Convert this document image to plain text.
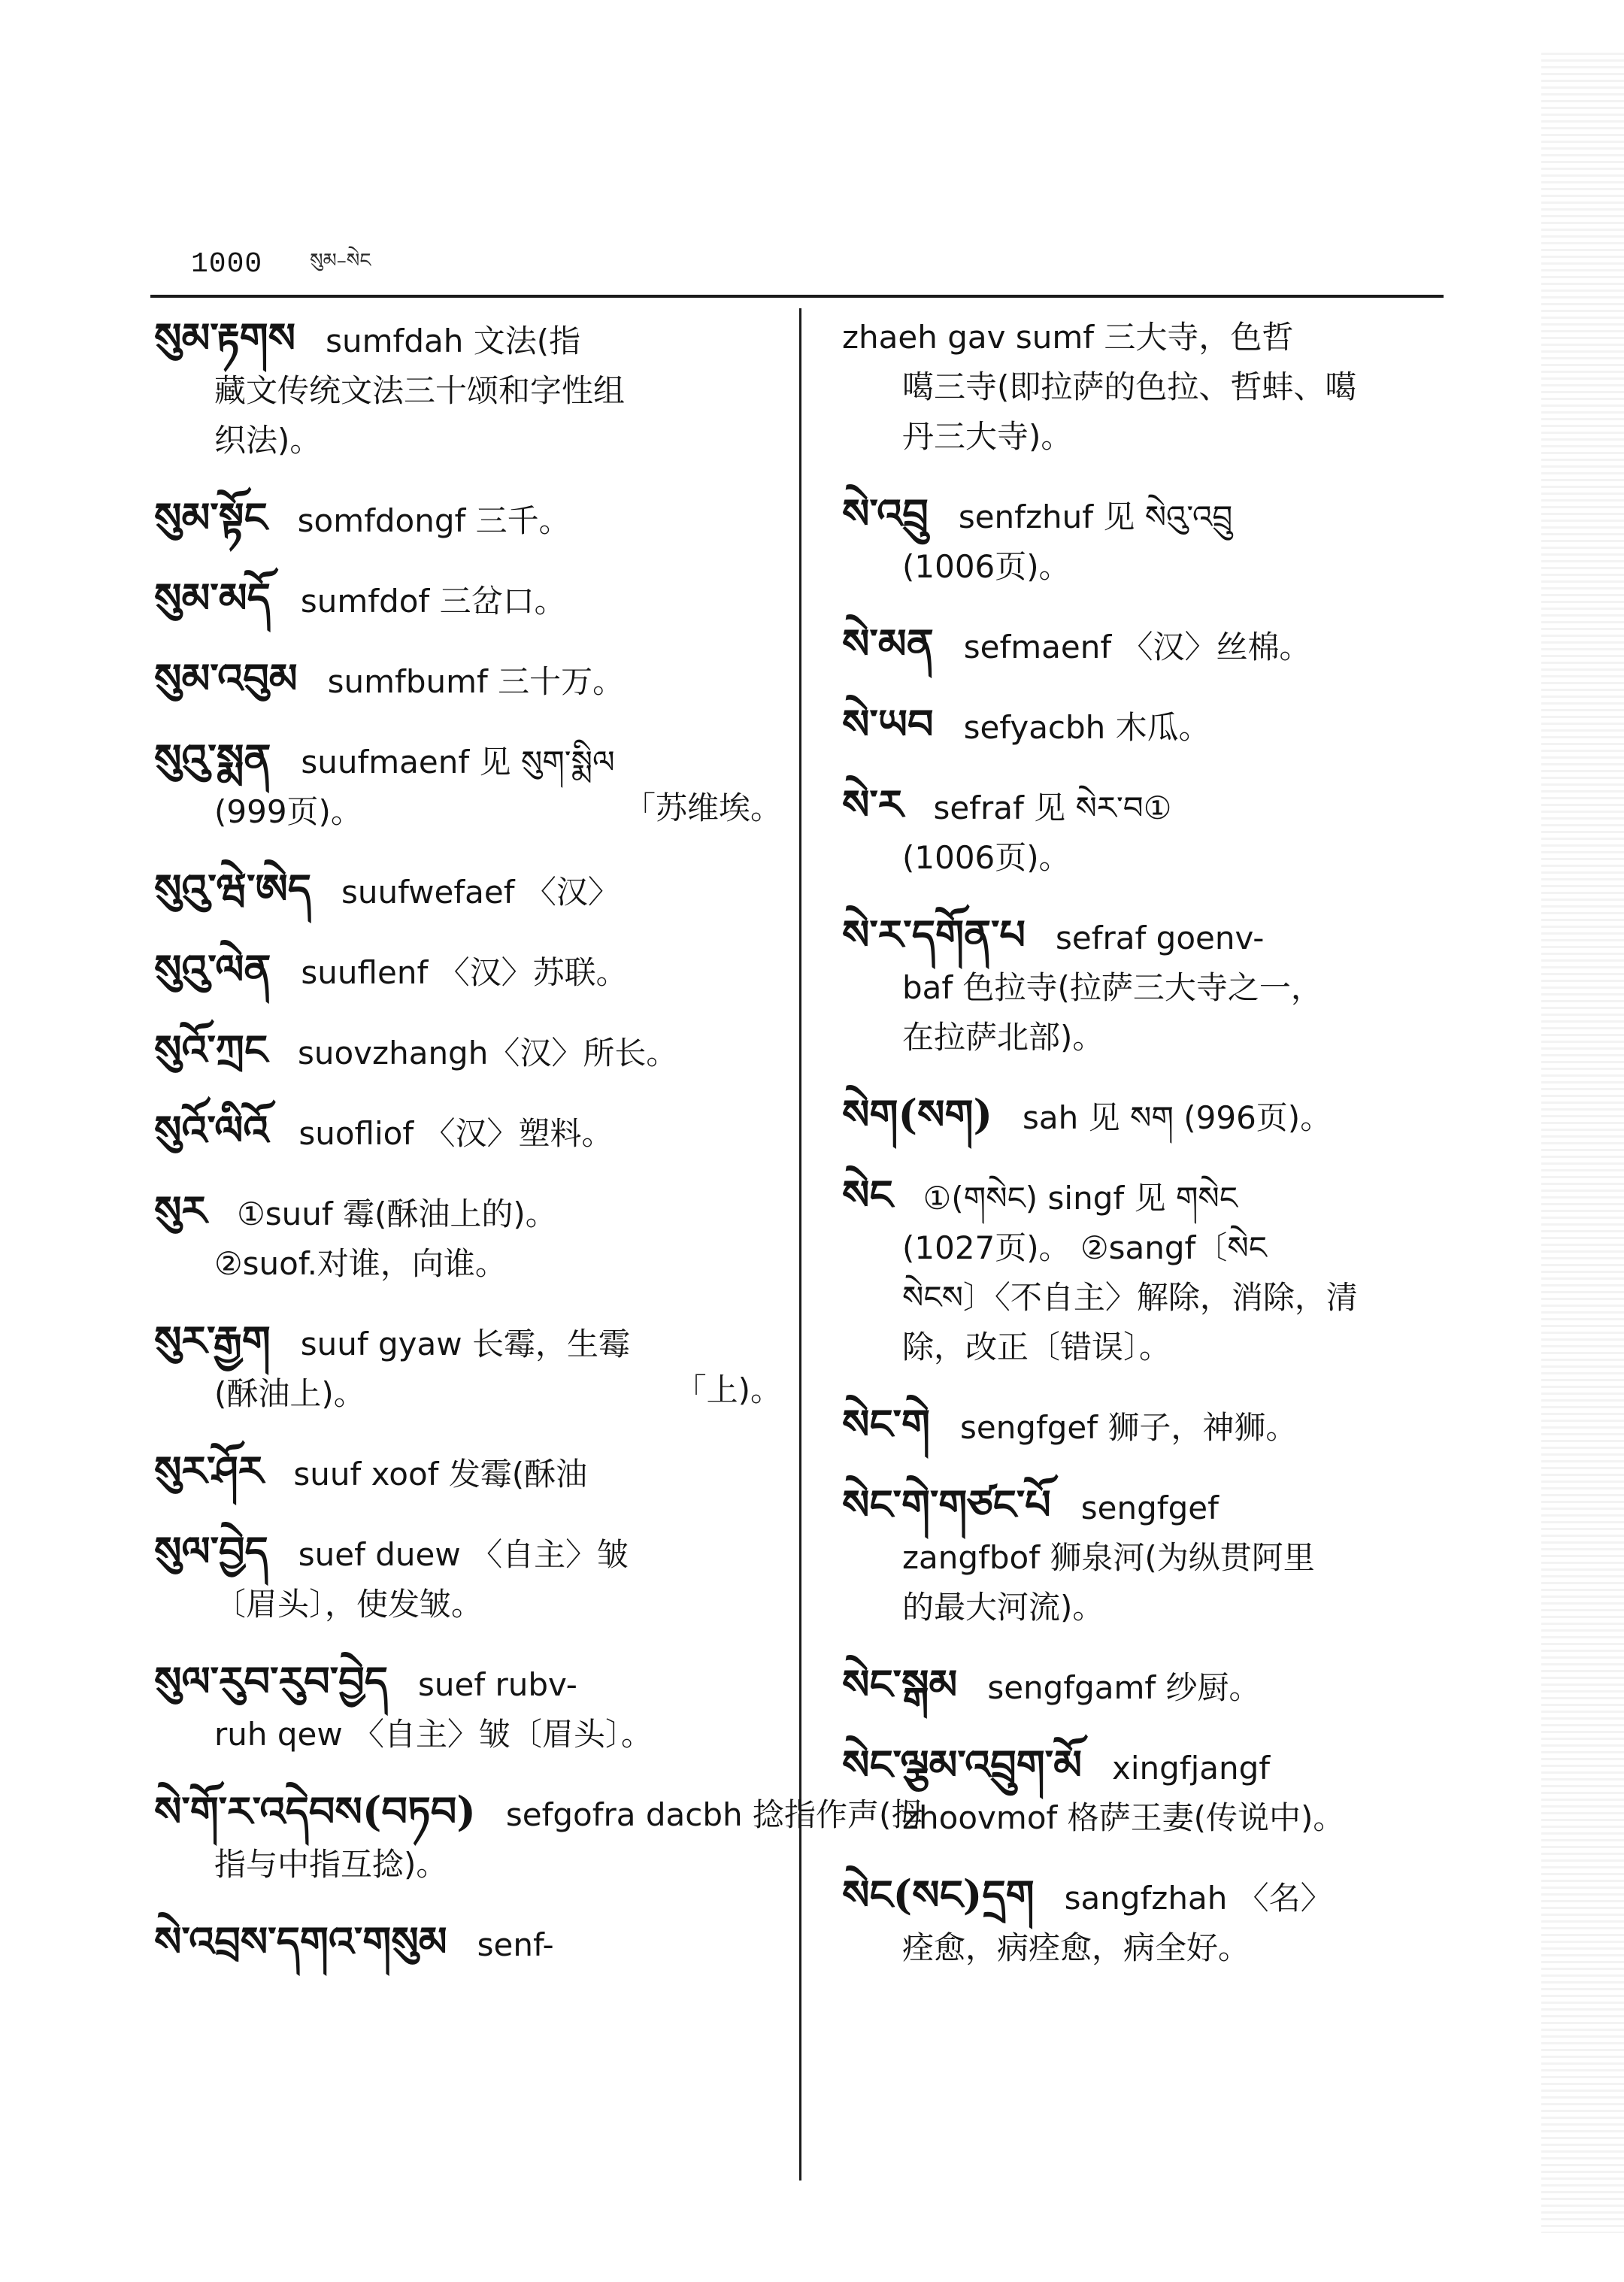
1000 སུམ–སེང
སུམ་རྟགས sumfdah 文法(指
藏文传统文法三十颂和字性组
织法)。
སུམ་སྟོང somfdongf 三千。
སུམ་མདོ sumfdof 三岔口。
སུམ་འབུམ sumfbumf 三十万。
སུའུ་སྨན suufmaenf 见 སུག་སྨིལ
(999页)。	「苏维埃。
སུའུ་ཝེ་ཨེད suufwefaef 〈汉〉
སུའུ་ལེན suuflenf 〈汉〉苏联。
སུའོ་ཀྲང suovzhangh〈汉〉所长。
སུའོ་ལིའོ suofliof 〈汉〉塑料。
སུར ①suuf 霉(酥油上的)。
②suof.对谁，向谁。
སུར་རྒྱག suuf gyaw 长霉，生霉
(酥油上)。	「上)。
སུར་ཤོར suuf xoof 发霉(酥油
སུལ་བྱེད suef duew 〈自主〉皱
〔眉头〕，使发皱。
སུལ་རུབ་རུབ་བྱེད suef rubv-
ruh qew 〈自主〉皱〔眉头〕。
སེ་གོ་ར་འདེབས(བཏབ) sefgofra dacbh 捻指作声(拇
指与中指互捻)。
སེ་འབྲས་དགའ་གསུམ senf-
zhaeh gav sumf 三大寺，色哲
噶三寺(即拉萨的色拉、哲蚌、噶
丹三大寺)。
སེ་འབྲུ senfzhuf 见 སེའུ་འབྲུ
(1006页)。
སེ་མན sefmaenf 〈汉〉丝棉。
སེ་ཡབ sefyacbh 木瓜。
སེ་ར sefraf 见 སེར་བ①
(1006页)。
སེ་ར་དགོན་པ sefraf goenv-
baf 色拉寺(拉萨三大寺之一，
在拉萨北部)。
སེག(སག) sah 见 སག (996页)。
སེང ①(གསེང) singf 见 གསེང
(1027页)。 ②sangf〔སེང
སེངས〕〈不自主〉解除，消除，清
除，改正〔错误〕。
སེང་གེ sengfgef 狮子，神狮。
སེང་གེ་གཙང་པོ sengfgef
zangfbof 狮泉河(为纵贯阿里
的最大河流)。
སེང་སྒམ sengfgamf 纱厨。
སེང་ལྕམ་འབྲུག་མོ xingfjangf
zhoovmof 格萨王妻(传说中)。
སེང(སང)དྲག sangfzhah 〈名〉
痊愈，病痊愈，病全好。
